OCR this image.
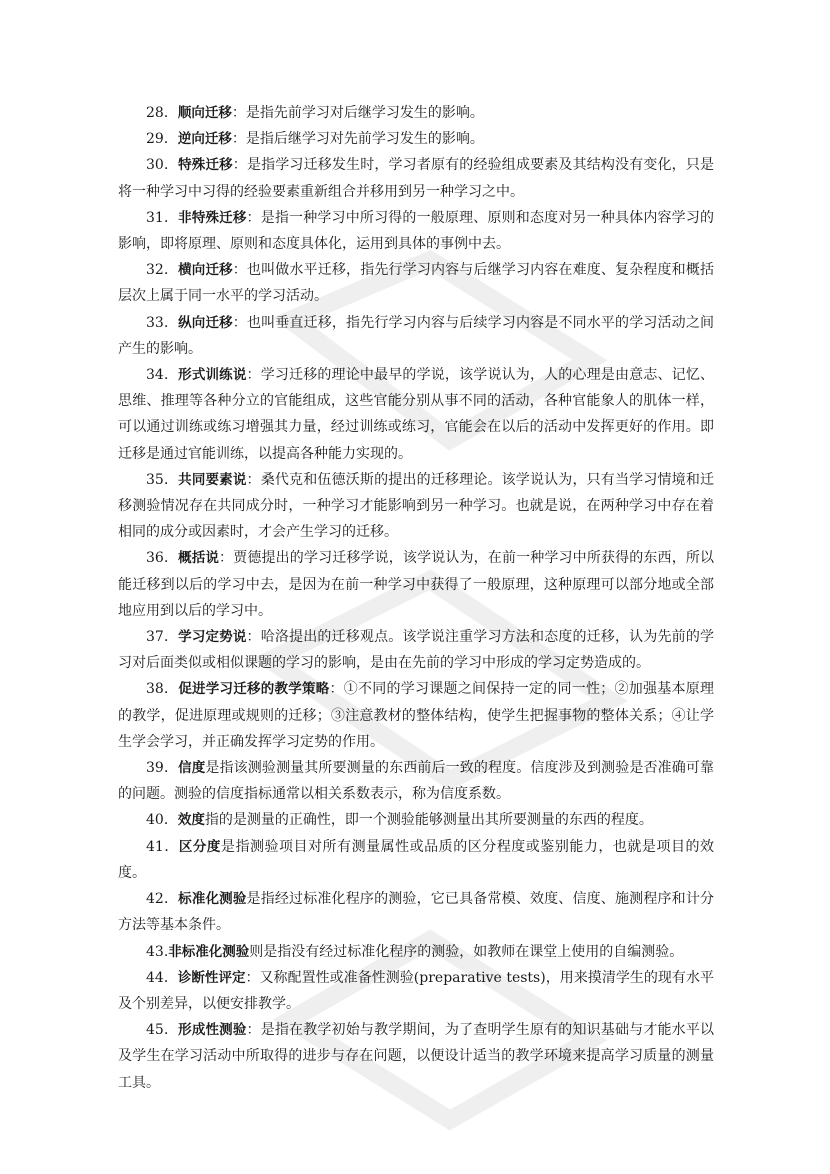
28．顺向迁移：是指先前学习对后继学习发生的影响。

29．逆向迁移：是指后继学习对先前学习发生的影响。

30．特殊迁移：是指学习迁移发生时，学习者原有的经验组成要素及其结构没有变化，只是将一种学习中习得的经验要素重新组合并移用到另一种学习之中。

31．非特殊迁移：是指一种学习中所习得的一般原理、原则和态度对另一种具体内容学习的影响，即将原理、原则和态度具体化，运用到具体的事例中去。

32．横向迁移：也叫做水平迁移，指先行学习内容与后继学习内容在难度、复杂程度和概括层次上属于同一水平的学习活动。

33．纵向迁移：也叫垂直迁移，指先行学习内容与后续学习内容是不同水平的学习活动之间产生的影响。

34．形式训练说：学习迁移的理论中最早的学说，该学说认为，人的心理是由意志、记忆、思维、推理等各种分立的官能组成，这些官能分别从事不同的活动，各种官能象人的肌体一样，可以通过训练或练习增强其力量，经过训练或练习，官能会在以后的活动中发挥更好的作用。即迁移是通过官能训练，以提高各种能力实现的。

35．共同要素说：桑代克和伍德沃斯的提出的迁移理论。该学说认为，只有当学习情境和迁移测验情况存在共同成分时，一种学习才能影响到另一种学习。也就是说，在两种学习中存在着相同的成分或因素时，才会产生学习的迁移。

36．概括说：贾德提出的学习迁移学说，该学说认为，在前一种学习中所获得的东西，所以能迁移到以后的学习中去，是因为在前一种学习中获得了一般原理，这种原理可以部分地或全部地应用到以后的学习中。

37．学习定势说：哈洛提出的迁移观点。该学说注重学习方法和态度的迁移，认为先前的学习对后面类似或相似课题的学习的影响，是由在先前的学习中形成的学习定势造成的。

38．促进学习迁移的教学策略：①不同的学习课题之间保持一定的同一性；②加强基本原理的教学，促进原理或规则的迁移；③注意教材的整体结构，使学生把握事物的整体关系；④让学生学会学习，并正确发挥学习定势的作用。

39．信度是指该测验测量其所要测量的东西前后一致的程度。信度涉及到测验是否准确可靠的问题。测验的信度指标通常以相关系数表示，称为信度系数。

40．效度指的是测量的正确性，即一个测验能够测量出其所要测量的东西的程度。

41．区分度是指测验项目对所有测量属性或品质的区分程度或鉴别能力，也就是项目的效度。

42．标准化测验是指经过标准化程序的测验，它已具备常模、效度、信度、施测程序和计分方法等基本条件。

43.非标准化测验则是指没有经过标准化程序的测验，如教师在课堂上使用的自编测验。

44．诊断性评定：又称配置性或准备性测验(preparative tests)，用来摸清学生的现有水平及个别差异，以便安排教学。

45．形成性测验：是指在教学初始与教学期间，为了查明学生原有的知识基础与才能水平以及学生在学习活动中所取得的进步与存在问题，以便设计适当的教学环境来提高学习质量的测量工具。
